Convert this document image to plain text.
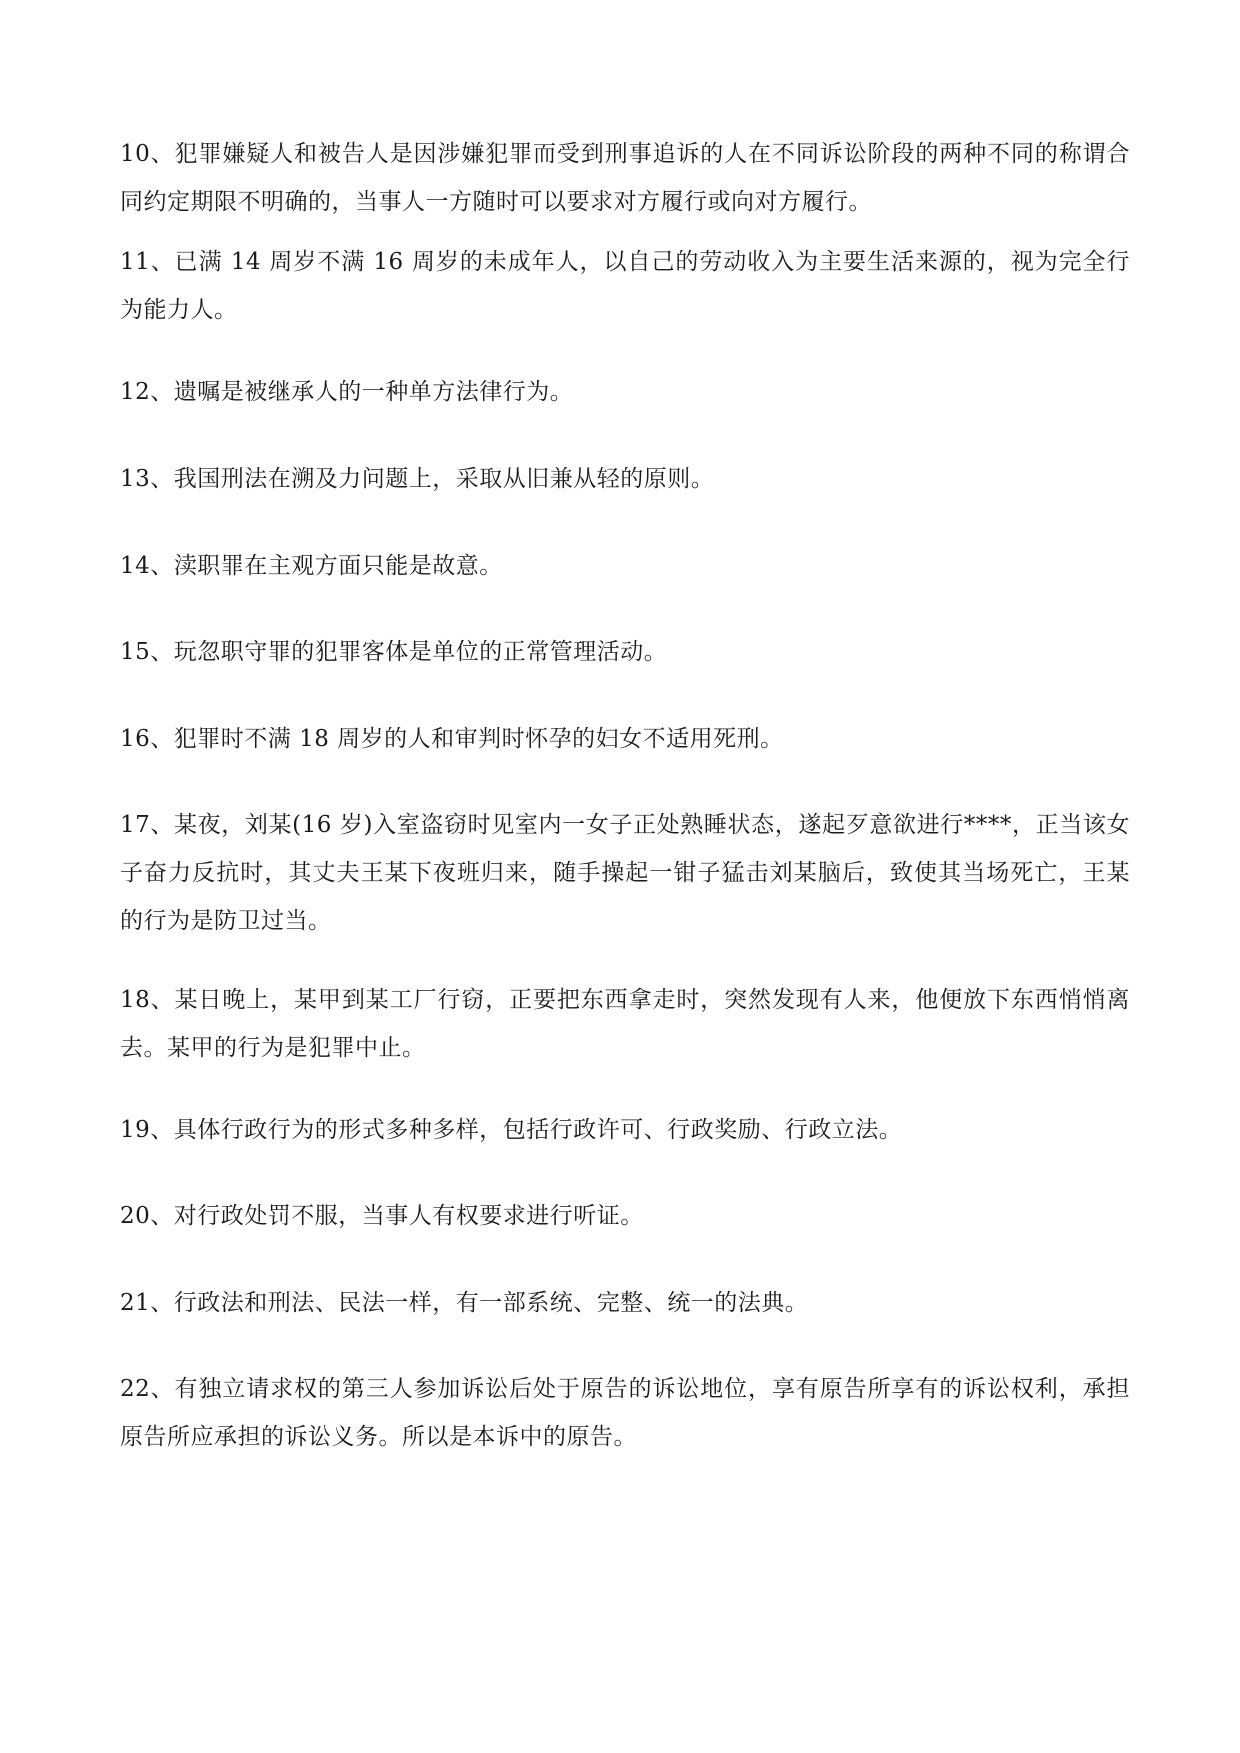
10、犯罪嫌疑人和被告人是因涉嫌犯罪而受到刑事追诉的人在不同诉讼阶段的两种不同的称谓合同约定期限不明确的，当事人一方随时可以要求对方履行或向对方履行。

11、已满 14 周岁不满 16 周岁的未成年人，以自己的劳动收入为主要生活来源的，视为完全行为能力人。

12、遗嘱是被继承人的一种单方法律行为。

13、我国刑法在溯及力问题上，采取从旧兼从轻的原则。

14、渎职罪在主观方面只能是故意。

15、玩忽职守罪的犯罪客体是单位的正常管理活动。

16、犯罪时不满 18 周岁的人和审判时怀孕的妇女不适用死刑。

17、某夜，刘某(16 岁)入室盗窃时见室内一女子正处熟睡状态，遂起歹意欲进行****，正当该女子奋力反抗时，其丈夫王某下夜班归来，随手操起一钳子猛击刘某脑后，致使其当场死亡，王某的行为是防卫过当。

18、某日晚上，某甲到某工厂行窃，正要把东西拿走时，突然发现有人来，他便放下东西悄悄离去。某甲的行为是犯罪中止。

19、具体行政行为的形式多种多样，包括行政许可、行政奖励、行政立法。

20、对行政处罚不服，当事人有权要求进行听证。

21、行政法和刑法、民法一样，有一部系统、完整、统一的法典。

22、有独立请求权的第三人参加诉讼后处于原告的诉讼地位，享有原告所享有的诉讼权利，承担原告所应承担的诉讼义务。所以是本诉中的原告。
